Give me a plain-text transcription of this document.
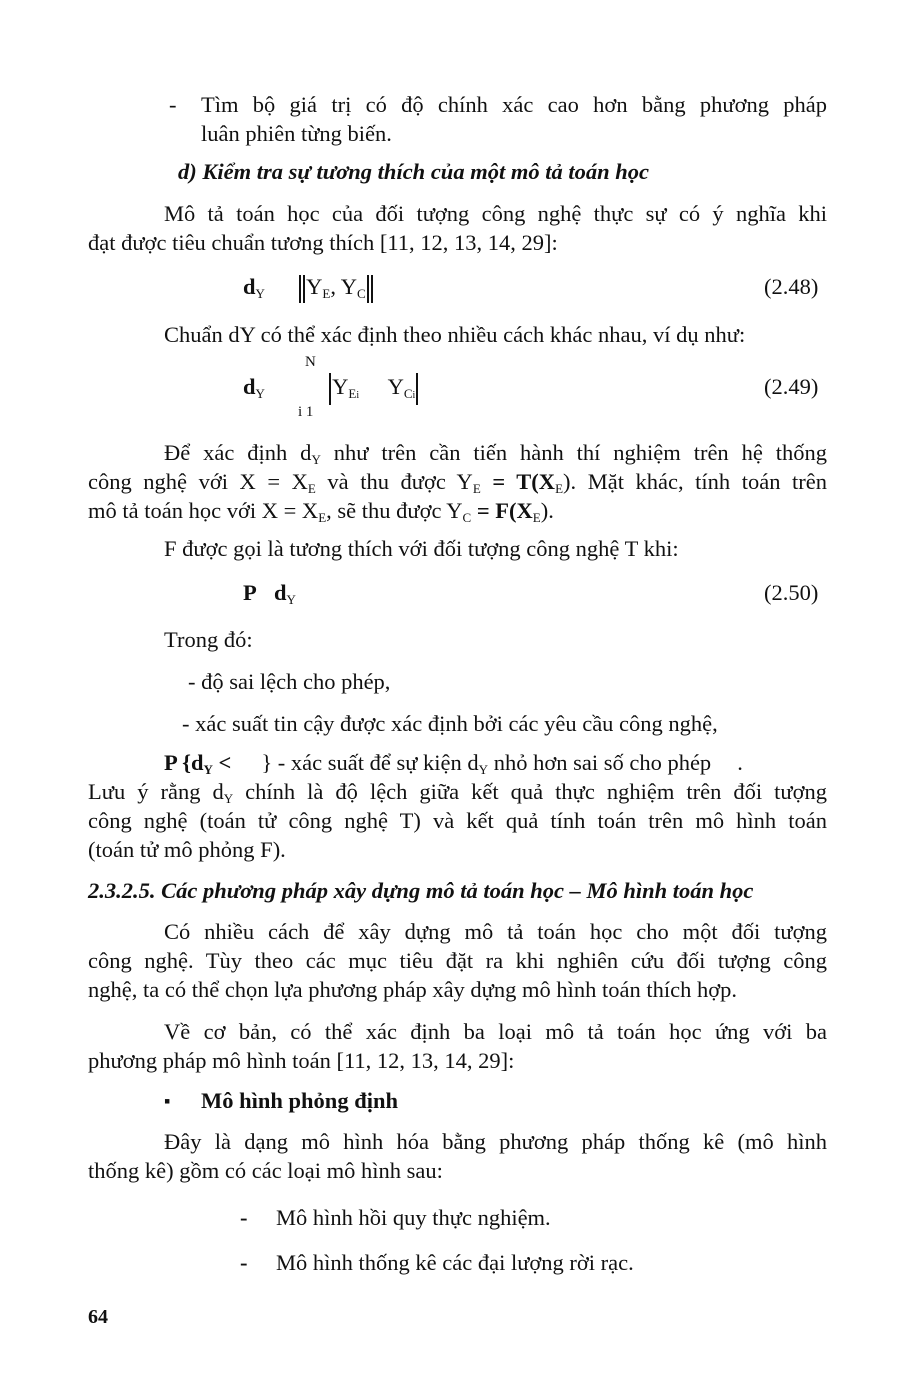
- Tìm bộ giá trị có độ chính xác cao hơn bằng phương pháp
luân phiên từng biến.
d) Kiểm tra sự tương thích của một mô tả toán học
Mô tả toán học của đối tượng công nghệ thực sự có ý nghĩa khi
đạt được tiêu chuẩn tương thích [11, 12, 13, 14, 29]:
$d_Y$ $Y_E$, $Y_C$	(2.48)
Chuẩn dY có thể xác định theo nhiều cách khác nhau, ví dụ như:
N
$d_Y$	$Y_{Ei}$ $Y_{Ci}$
i 1
(2.49)
Để xác định $d_Y$ như trên cần tiến hành thí nghiệm trên hệ thống
công nghệ với $X = X_E$ và thu được $Y_E = T(X_E)$. Mặt khác, tính toán trên
mô tả toán học với $X = X_E$, sẽ thu được $Y_C = F(X_E)$.
F được gọi là tương thích với đối tượng công nghệ T khi:
P $d_Y$	(2.50)
Trong đó:
- độ sai lệch cho phép,
- xác suất tin cậy được xác định bởi các yêu cầu công nghệ,
P {$d_Y$ < } - xác suất để sự kiện $d_Y$ nhỏ hơn sai số cho phép .
Lưu ý rằng $d_Y$ chính là độ lệch giữa kết quả thực nghiệm trên đối tượng
công nghệ (toán tử công nghệ T) và kết quả tính toán trên mô hình toán
(toán tử mô phỏng F).
2.3.2.5. Các phương pháp xây dựng mô tả toán học – Mô hình toán học
Có nhiều cách để xây dựng mô tả toán học cho một đối tượng
công nghệ. Tùy theo các mục tiêu đặt ra khi nghiên cứu đối tượng công
nghệ, ta có thể chọn lựa phương pháp xây dựng mô hình toán thích hợp.
Về cơ bản, có thể xác định ba loại mô tả toán học ứng với ba
phương pháp mô hình toán [11, 12, 13, 14, 29]:
▪ Mô hình phỏng định
Đây là dạng mô hình hóa bằng phương pháp thống kê (mô hình
thống kê) gồm có các loại mô hình sau:
- Mô hình hồi quy thực nghiệm.
- Mô hình thống kê các đại lượng rời rạc.
64
